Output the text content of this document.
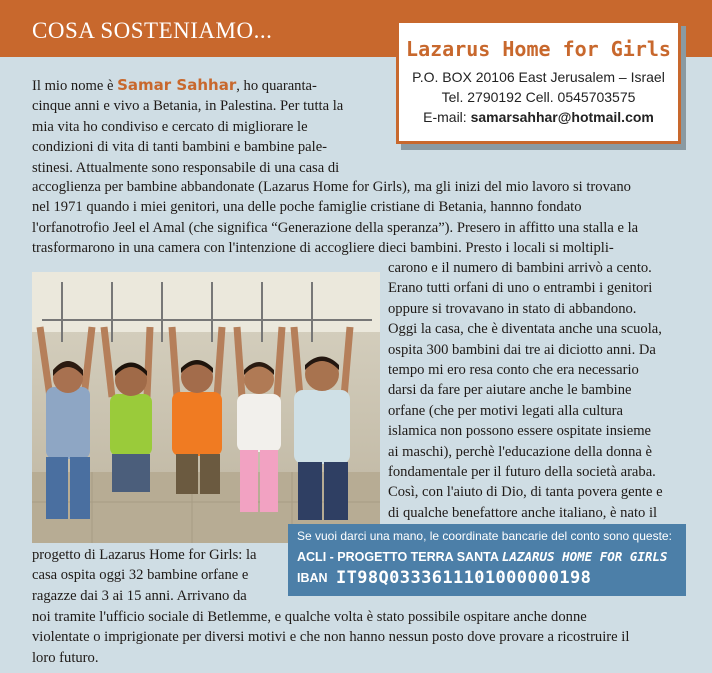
COSA SOSTENIAMO...
Lazarus Home for Girls
P.O. BOX 20106 East Jerusalem – Israel
Tel. 2790192 Cell. 0545703575
E-mail: samarsahhar@hotmail.com

Il mio nome è Samar Sahhar, ho quaranta-

cinque anni e vivo a Betania, in Palestina. Per tutta la

mia vita ho condiviso e cercato di migliorare le

condizioni di vita di tanti bambini e bambine pale-

stinesi. Attualmente sono responsabile di una casa di

accoglienza per bambine abbandonate (Lazarus Home for Girls), ma gli inizi del mio lavoro si trovano

nel 1971 quando i miei genitori, una delle poche famiglie cristiane di Betania, hannno fondato

l'orfanotrofio Jeel el Amal (che significa “Generazione della speranza”). Presero in affitto una stalla e la

trasformarono in una camera con l'intenzione di accogliere dieci bambini. Presto i locali si moltipli-

carono e il numero di bambini arrivò a cento.

Erano tutti orfani di uno o entrambi i genitori

oppure si trovavano in stato di abbandono.

Oggi la casa, che è diventata anche una scuola,

ospita 300 bambini dai tre ai diciotto anni. Da

tempo mi ero resa conto che era necessario

darsi da fare per aiutare anche le bambine

orfane (che per motivi legati alla cultura

islamica non possono essere ospitate insieme

ai maschi), perchè l'educazione della donna è

fondamentale per il futuro della società araba.

Così, con l'aiuto di Dio, di tanta povera gente e

di qualche benefattore anche italiano, è nato il

Se vuoi darci una mano, le coordinate bancarie del conto sono queste:
ACLI - PROGETTO TERRA SANTA LAZARUS HOME FOR GIRLS
IBAN IT98Q0333611101000000198

progetto di Lazarus Home for Girls: la

casa ospita oggi 32 bambine orfane e

ragazze dai 3 ai 15 anni. Arrivano da

noi tramite l'ufficio sociale di Betlemme, e qualche volta è stato possibile ospitare anche donne

violentate o imprigionate per diversi motivi e che non hanno nessun posto dove provare a ricostruire il

loro futuro.
